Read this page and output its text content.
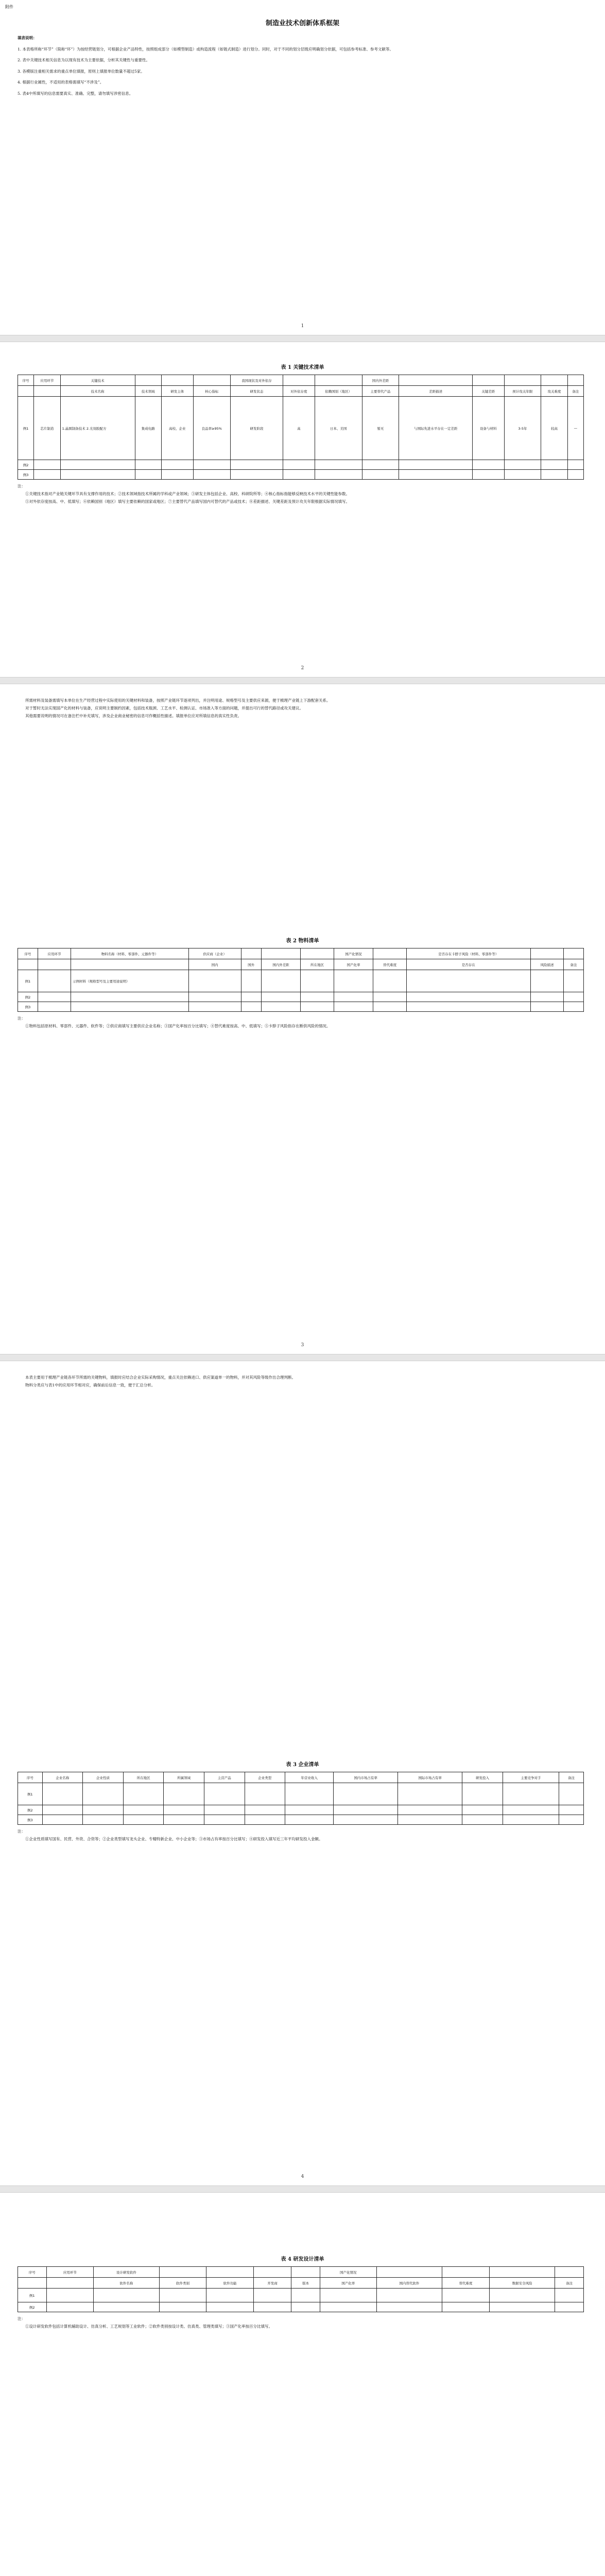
附件
制造业技术创新体系框架
填表说明：

1. 本表格所称“环节”（简称“环”）为按经营链划分，可根据企业产品特性，按照组成部分（如模型制造）或构造流程（如链式制造）进行划分。同时，对于不同的划分层级应明确划分依据，可包括参考标准、参考文献等。

2. 表中关键技术相关信息为以现有技术为主要依据，分析其关键性与重要性。

3. 各模版注重相关需求的重点单位填报，原则上填报单位数量不超过5家。

4. 根据行业属性，不适用的表格需填写“不涉及”。

5. 表4中所填写的信息需要真实、准确、完整，请勿填写涉密信息。

1
表 1 关键技术清单
序号	应用环节	关键技术				我国现状及对外依存			国内外差距					
		技术名称	技术领域	研发主体	核心指标	研发状态	对外依存度	依赖国别（地区）	主要替代产品	差距描述	关键差距	预计攻关年限	攻关难度	备注
例1	芯片制造	1.晶圆制备技术 2.光刻胶配方	集成电路	高校、企业	良品率≥95%	研发阶段	高	日本、美国	暂无	与国际先进水平存在一定差距	设备与材料	3-5年	较高	—
例2														
例3														
注：

①关键技术指对产业链关键环节具有支撑作用的技术；②技术领域指技术所属的学科或产业领域；③研发主体包括企业、高校、科研院所等；④核心指标指能够反映技术水平的关键性能参数。

⑤对外依存度按高、中、低填写；⑥依赖国别（地区）填写主要依赖的国家或地区；⑦主要替代产品填写国内可替代的产品或技术；⑧差距描述、关键差距及预计攻关年限根据实际情况填写。

2

所需材料及装备需填写本单位在生产经营过程中实际使用的关键材料和装备，按照产业链环节逐项列出，并注明用途、规格型号及主要供应来源，便于梳理产业链上下游配套关系。

对于暂时无法实现国产化的材料与装备，应说明主要制约因素，包括技术瓶颈、工艺水平、检测认证、市场准入等方面的问题，并提出可行的替代路径或攻关建议。

其他需要说明的情况可在备注栏中补充填写，涉及企业商业秘密的信息可作概括性描述。填报单位应对所填信息的真实性负责。

表 2 物料清单
序号	应用环节	物料名称（材料、零部件、元器件等）	供应商（企业）				国产化情况		是否存在卡脖子风险（材料、零部件等）		
			国内	国外	国内外差距	所在地区	国产化率	替代难度	是否存在	风险描述	备注
例1		示例材料（规格型号及主要用途说明）									
例2											
例3											
注：

①物料包括原材料、零部件、元器件、软件等；②供应商填写主要供应企业名称；③国产化率按百分比填写；④替代难度按高、中、低填写；⑤卡脖子风险指存在断供风险的情况。

3

本表主要用于梳理产业链各环节所需的关键物料，填报时应结合企业实际采购情况，重点关注依赖进口、供应渠道单一的物料，并对其风险等级作出合理判断。

物料分类应与表1中的应用环节相对应，确保前后信息一致，便于汇总分析。

表 3 企业清单
序号	企业名称	企业性质	所在地区	所属领域	主营产品	企业类型	年营业收入	国内市场占有率	国际市场占有率	研发投入	主要竞争对手	备注
例1												
例2												
例3												
注：

①企业性质填写国有、民营、外资、合资等；②企业类型填写龙头企业、专精特新企业、中小企业等；③市场占有率按百分比填写；④研发投入填写近三年平均研发投入金额。

4
表 4 研发设计清单
序号	应用环节	设计研发软件					国产化情况				
		软件名称	软件类别	软件功能	开发商	版本	国产化率	国内替代软件	替代难度	数据安全风险	备注
例1											
例2											
注：

①设计研发软件包括计算机辅助设计、仿真分析、工艺规划等工业软件；②软件类别按设计类、仿真类、管理类填写；③国产化率按百分比填写。
